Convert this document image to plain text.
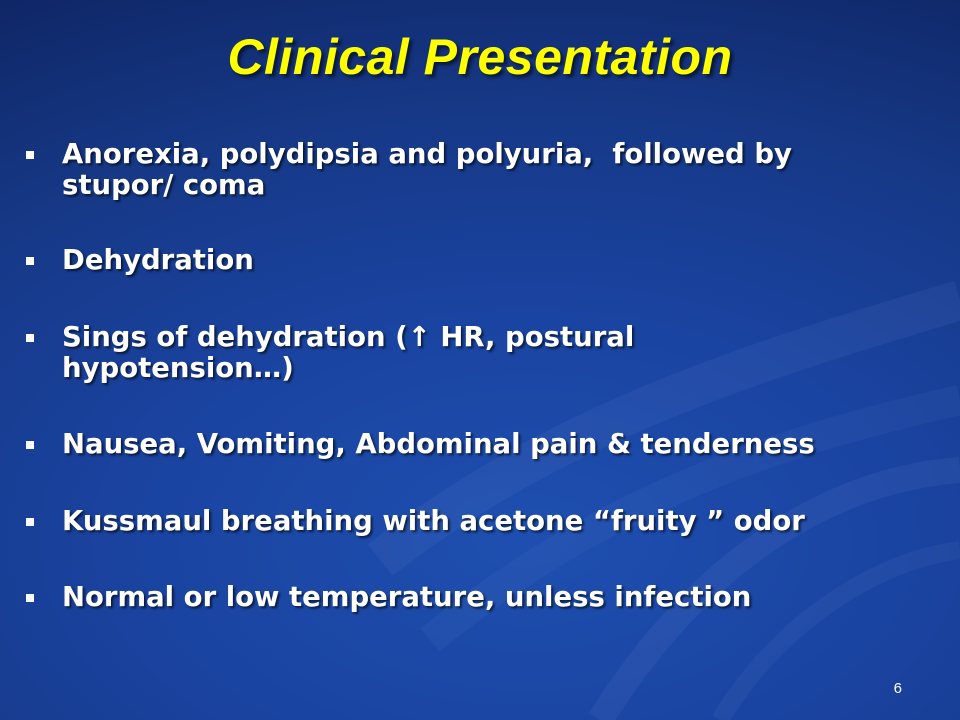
Clinical Presentation
Anorexia, polydipsia and polyuria,  followed by
stupor/ coma
Dehydration
Sings of dehydration (↑ HR, postural
hypotension…)
Nausea, Vomiting, Abdominal pain & tenderness
Kussmaul breathing with acetone “fruity ” odor
Normal or low temperature, unless infection
6
